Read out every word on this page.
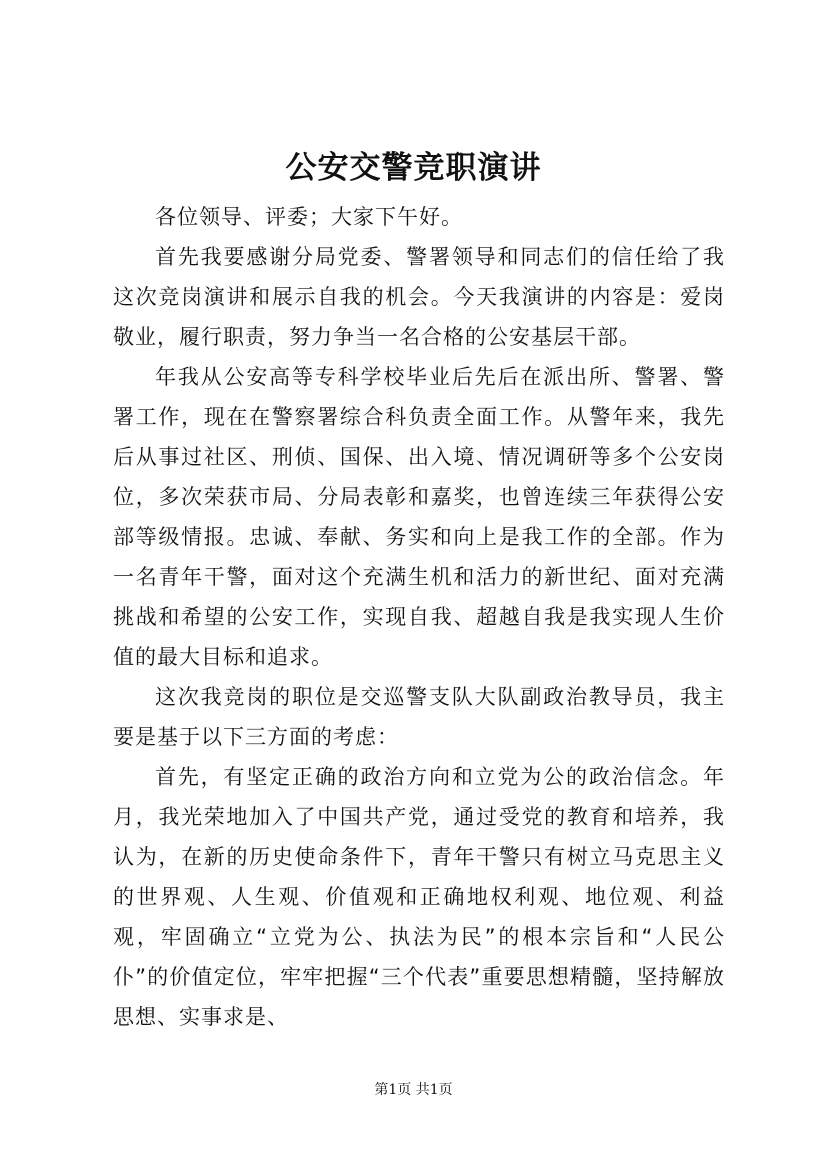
公安交警竞职演讲

各位领导、评委；大家下午好。

首先我要感谢分局党委、警署领导和同志们的信任给了我这次竞岗演讲和展示自我的机会。今天我演讲的内容是：爱岗敬业，履行职责，努力争当一名合格的公安基层干部。

年我从公安高等专科学校毕业后先后在派出所、警署、警署工作，现在在警察署综合科负责全面工作。从警年来，我先后从事过社区、刑侦、国保、出入境、情况调研等多个公安岗位，多次荣获市局、分局表彰和嘉奖，也曾连续三年获得公安部等级情报。忠诚、奉献、务实和向上是我工作的全部。作为一名青年干警，面对这个充满生机和活力的新世纪、面对充满挑战和希望的公安工作，实现自我、超越自我是我实现人生价值的最大目标和追求。

这次我竞岗的职位是交巡警支队大队副政治教导员，我主要是基于以下三方面的考虑：

首先，有坚定正确的政治方向和立党为公的政治信念。年月，我光荣地加入了中国共产党，通过受党的教育和培养，我认为，在新的历史使命条件下，青年干警只有树立马克思主义的世界观、人生观、价值观和正确地权利观、地位观、利益观，牢固确立“立党为公、执法为民”的根本宗旨和“人民公仆”的价值定位，牢牢把握“三个代表”重要思想精髓，坚持解放思想、实事求是、

第1页 共1页
